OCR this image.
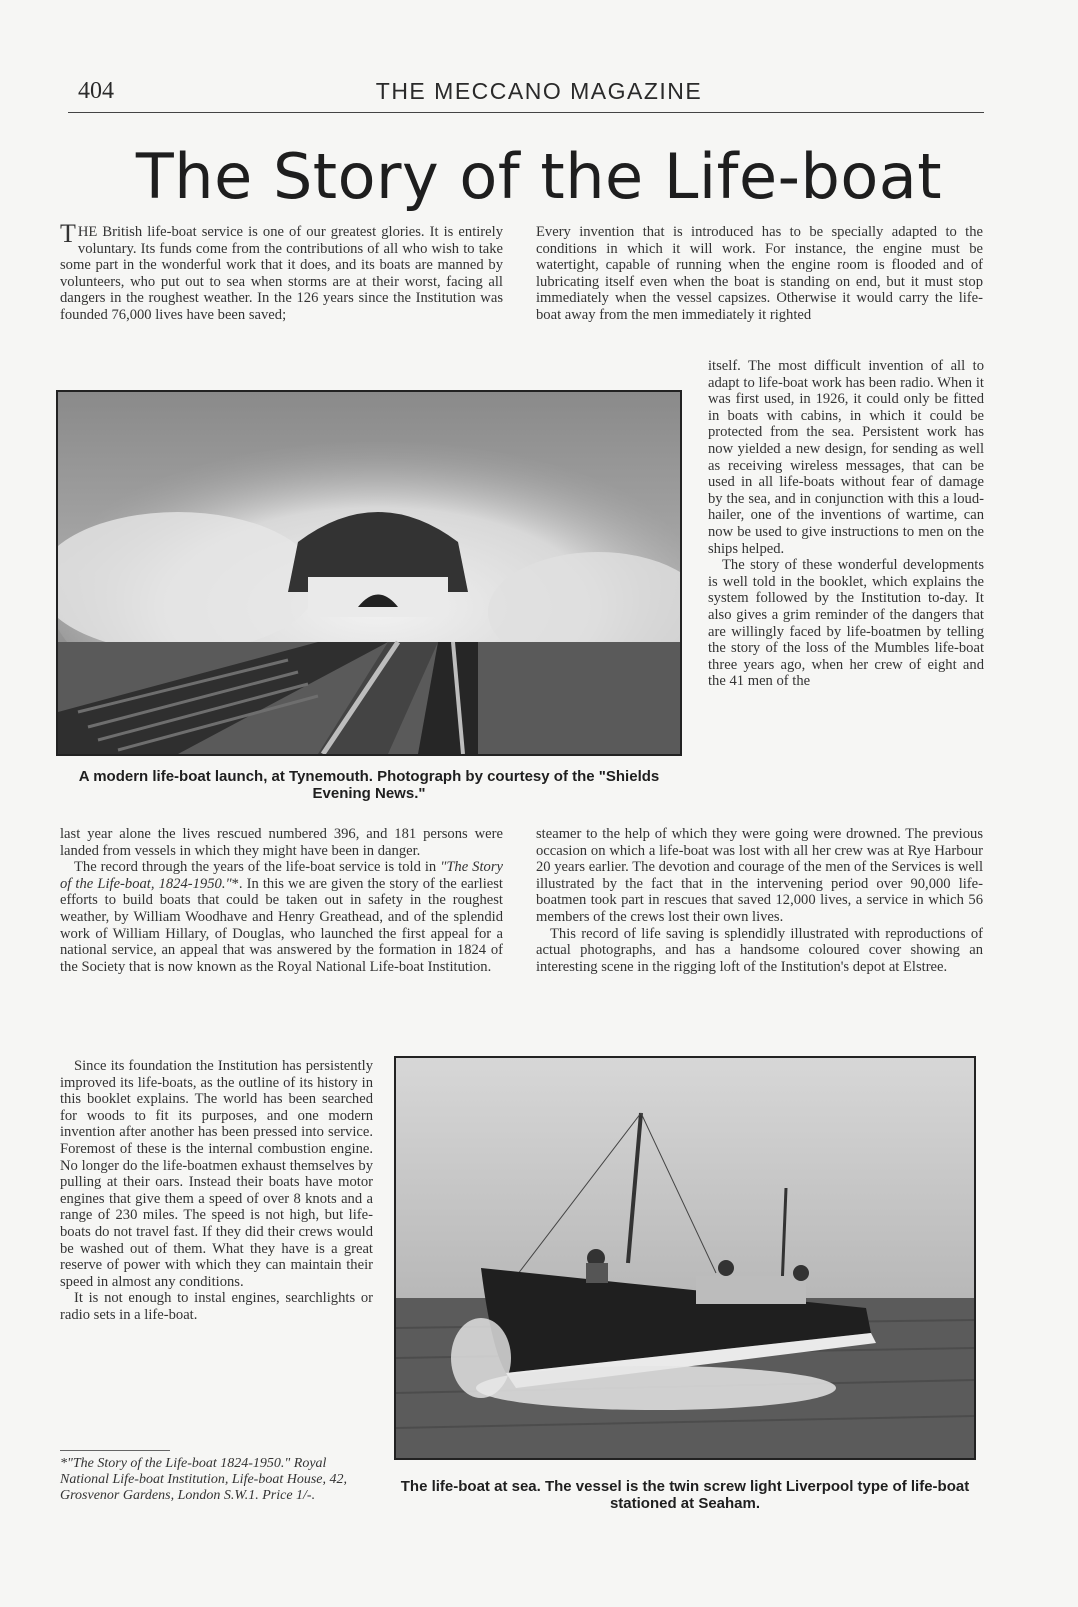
404	THE MECCANO MAGAZINE
The Story of the Life-boat

THE British life-boat service is one of our greatest glories. It is entirely voluntary. Its funds come from the contributions of all who wish to take some part in the wonderful work that it does, and its boats are manned by volunteers, who put out to sea when storms are at their worst, facing all dangers in the roughest weather. In the 126 years since the Institution was founded 76,000 lives have been saved;

Every invention that is introduced has to be specially adapted to the conditions in which it will work. For instance, the engine must be watertight, capable of running when the engine room is flooded and of lubricating itself even when the boat is standing on end, but it must stop immediately when the vessel capsizes. Otherwise it would carry the life-boat away from the men immediately it righted

A modern life-boat launch, at Tynemouth. Photograph by courtesy of the "Shields Evening News."

itself. The most difficult invention of all to adapt to life-boat work has been radio. When it was first used, in 1926, it could only be fitted in boats with cabins, in which it could be protected from the sea. Persistent work has now yielded a new design, for sending as well as receiving wireless messages, that can be used in all life-boats without fear of damage by the sea, and in conjunction with this a loud-hailer, one of the inventions of wartime, can now be used to give instructions to men on the ships helped.

The story of these wonderful developments is well told in the booklet, which explains the system followed by the Institution to-day. It also gives a grim reminder of the dangers that are willingly faced by life-boatmen by telling the story of the loss of the Mumbles life-boat three years ago, when her crew of eight and the 41 men of the

last year alone the lives rescued numbered 396, and 181 persons were landed from vessels in which they might have been in danger.

The record through the years of the life-boat service is told in "The Story of the Life-boat, 1824-1950."*. In this we are given the story of the earliest efforts to build boats that could be taken out in safety in the roughest weather, by William Woodhave and Henry Greathead, and of the splendid work of William Hillary, of Douglas, who launched the first appeal for a national service, an appeal that was answered by the formation in 1824 of the Society that is now known as the Royal National Life-boat Institution.

steamer to the help of which they were going were drowned. The previous occasion on which a life-boat was lost with all her crew was at Rye Harbour 20 years earlier. The devotion and courage of the men of the Services is well illustrated by the fact that in the intervening period over 90,000 life-boatmen took part in rescues that saved 12,000 lives, a service in which 56 members of the crews lost their own lives.

This record of life saving is splendidly illustrated with reproductions of actual photographs, and has a handsome coloured cover showing an interesting scene in the rigging loft of the Institution's depot at Elstree.

Since its foundation the Institution has persistently improved its life-boats, as the outline of its history in this booklet explains. The world has been searched for woods to fit its purposes, and one modern invention after another has been pressed into service. Foremost of these is the internal combustion engine. No longer do the life-boatmen exhaust themselves by pulling at their oars. Instead their boats have motor engines that give them a speed of over 8 knots and a range of 230 miles. The speed is not high, but life-boats do not travel fast. If they did their crews would be washed out of them. What they have is a great reserve of power with which they can maintain their speed in almost any conditions.

It is not enough to instal engines, searchlights or radio sets in a life-boat.

*"The Story of the Life-boat 1824-1950." Royal National Life-boat Institution, Life-boat House, 42, Grosvenor Gardens, London S.W.1. Price 1/-.
The life-boat at sea. The vessel is the twin screw light Liverpool type of life-boat stationed at Seaham.
